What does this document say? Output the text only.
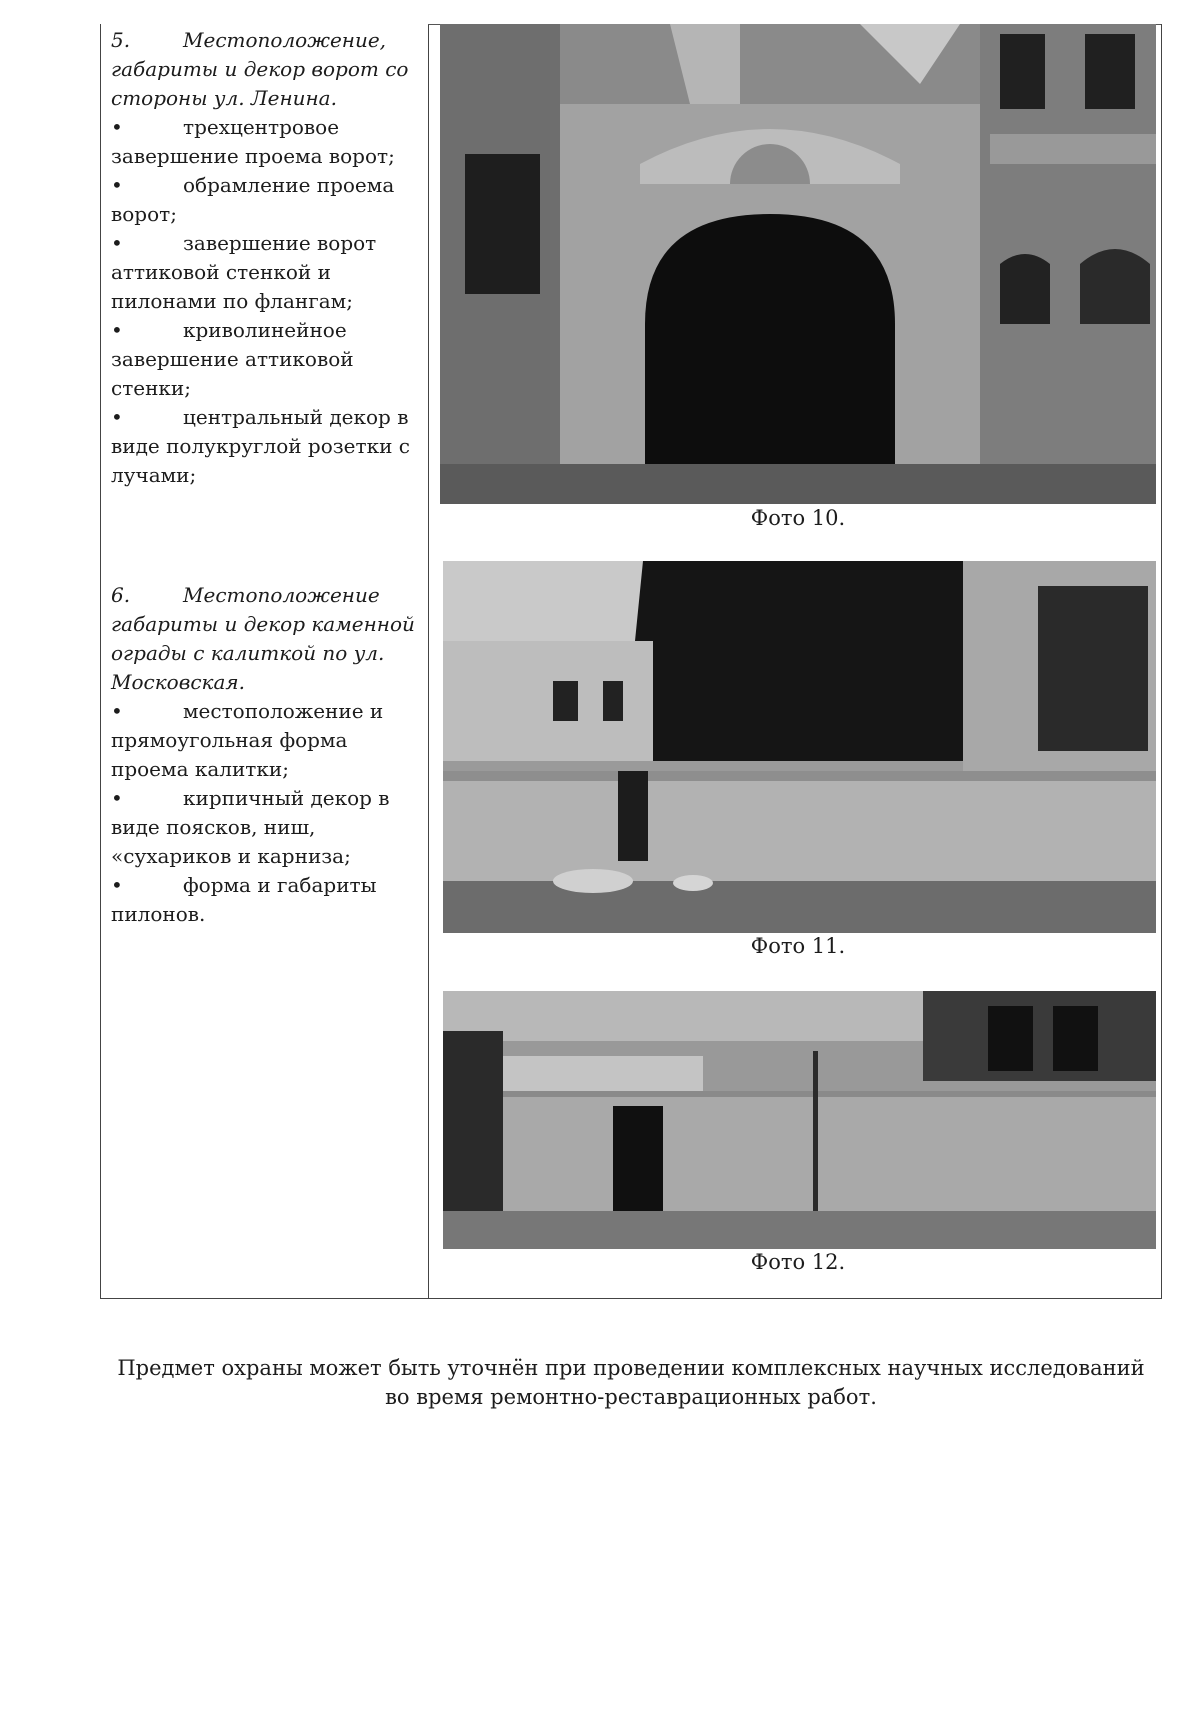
5.	Местоположение, габариты и декор ворот со стороны ул. Ленина.

•	трехцентровое завершение проема ворот;

•	обрамление проема ворот;

•	завершение ворот аттиковой стенкой и пилонами по флангам;

•	криволинейное завершение аттиковой стенки;

•	центральный декор в виде полукруглой розетки с лучами;

6.	Местоположение габариты и декор каменной ограды с калиткой по ул. Московская.

•	местоположение и прямоугольная форма проема калитки;

•	кирпичный декор в виде поясков, ниш, «сухариков и карниза;

•	форма и габариты пилонов.

Фото 10.
Фото 11.
Фото 12.

Предмет охраны может быть уточнён при проведении комплексных научных исследований

во время ремонтно-реставрационных работ.
